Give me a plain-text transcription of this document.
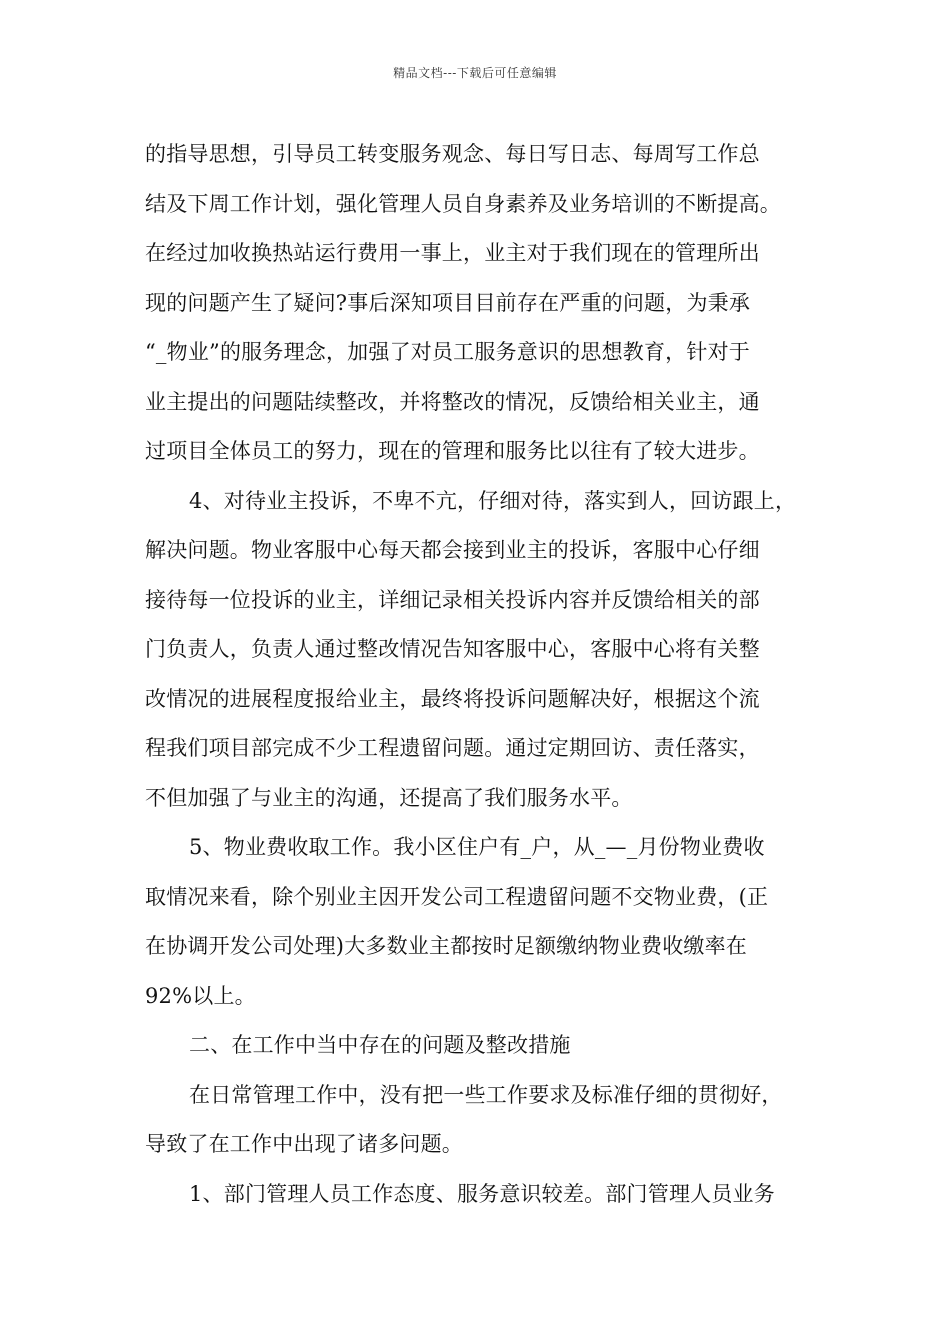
精品文档---下载后可任意编辑
的指导思想，引导员工转变服务观念、每日写日志、每周写工作总
结及下周工作计划，强化管理人员自身素养及业务培训的不断提高。
在经过加收换热站运行费用一事上，业主对于我们现在的管理所出
现的问题产生了疑问?事后深知项目目前存在严重的问题，为秉承
“_物业”的服务理念，加强了对员工服务意识的思想教育，针对于
业主提出的问题陆续整改，并将整改的情况，反馈给相关业主，通
过项目全体员工的努力，现在的管理和服务比以往有了较大进步。
4、对待业主投诉，不卑不亢，仔细对待，落实到人，回访跟上，
解决问题。物业客服中心每天都会接到业主的投诉，客服中心仔细
接待每一位投诉的业主，详细记录相关投诉内容并反馈给相关的部
门负责人，负责人通过整改情况告知客服中心，客服中心将有关整
改情况的进展程度报给业主，最终将投诉问题解决好，根据这个流
程我们项目部完成不少工程遗留问题。通过定期回访、责任落实，
不但加强了与业主的沟通，还提高了我们服务水平。
5、物业费收取工作。我小区住户有_户，从_—_月份物业费收
取情况来看，除个别业主因开发公司工程遗留问题不交物业费，(正
在协调开发公司处理)大多数业主都按时足额缴纳物业费收缴率在
92%以上。
二、在工作中当中存在的问题及整改措施
在日常管理工作中，没有把一些工作要求及标准仔细的贯彻好，
导致了在工作中出现了诸多问题。
1、部门管理人员工作态度、服务意识较差。部门管理人员业务
